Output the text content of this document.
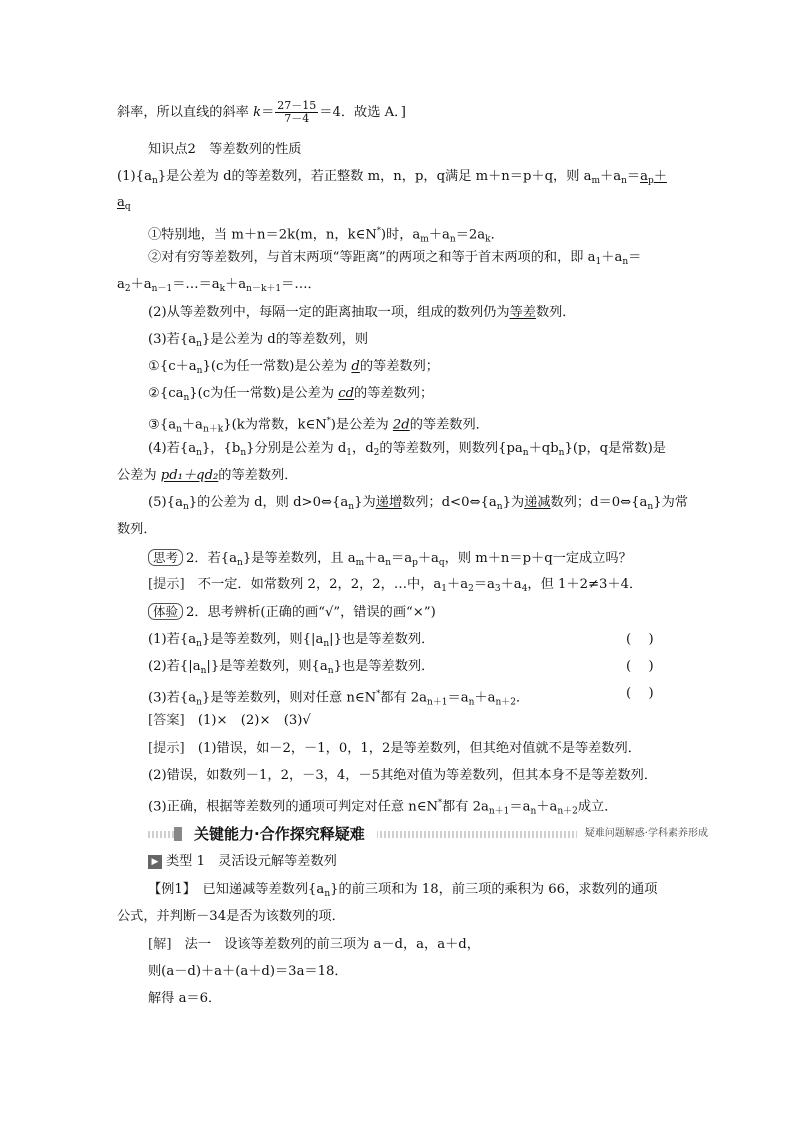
斜率，所以直线的斜率 $k= \frac{27-15}{7-4} =4$．故选 A．]
知识点2　等差数列的性质
$(1)\{a_n\}$是公差为 d的等差数列，若正整数 m，n，p，q满足 m＋n＝p＋q，则 $a_m+a_n=a_p+$
$a_q$
①特别地，当 m＋n＝2k(m，n，k∈N*)时，$a_m+a_n=2a_k$．
②对有穷等差数列，与首末两项“等距离”的两项之和等于首末两项的和，即 $a_1+a_n=$
$a_2+a_{n-1}=\dots=a_k+a_{n-k+1}=\dots$．
(2)从等差数列中，每隔一定的距离抽取一项，组成的数列仍为等差数列．
(3)若$\{a_n\}$是公差为 d的等差数列，则
$①\{c+a_n\}(c$为任一常数)是公差为 d的等差数列；
$②\{ca_n\}(c$为任一常数)是公差为 cd的等差数列；
$③\{a_n+a_{n+k}\}(k$为常数，k∈N*)是公差为 2d的等差数列．
(4)若$\{a_n\}$，$\{b_n\}$分别是公差为 $d_1$，$d_2$的等差数列，则数列$\{pa_n+qb_n\}(p$，q是常数)是
公差为 pd₁＋qd₂的等差数列．
$(5)\{a_n\}$的公差为 d，则 $d>0\Leftrightarrow\{a_n\}$为递增数列；$d<0\Leftrightarrow\{a_n\}$为递减数列；$d=0\Leftrightarrow\{a_n\}$为常
数列．
思考 2．若$\{a_n\}$是等差数列，且 $a_m+a_n=a_p+a_q$，则 m＋n＝p＋q一定成立吗？
[提示]　不一定．如常数列 2，2，2，2，…中，$a_1+a_2=a_3+a_4$，但 1＋2≠3＋4．
体验 2．思考辨析(正确的画“√”，错误的画“×”)
(1)若$\{a_n\}$是等差数列，则$\{|a_n|\}$也是等差数列．	(　 )
(2)若$\{|a_n|\}$是等差数列，则$\{a_n\}$也是等差数列．	(　 )
(3)若$\{a_n\}$是等差数列，则对任意 n∈N*都有 $2a_{n+1}=a_n+a_{n+2}$．	(　 )
[答案]　(1)×　(2)×　(3)√
[提示]　(1)错误，如－2，－1，0，1，2是等差数列，但其绝对值就不是等差数列．
(2)错误，如数列－1，2，－3，4，－5其绝对值为等差数列，但其本身不是等差数列．
(3)正确，根据等差数列的通项可判定对任意 n∈N*都有 $2a_{n+1}=a_n+a_{n+2}$成立．
关键能力·合作探究释疑难	疑难问题解惑·学科素养形成
▶ 类型 1　灵活设元解等差数列
【例1】　已知递减等差数列$\{a_n\}$的前三项和为 18，前三项的乘积为 66，求数列的通项
公式，并判断－34是否为该数列的项．
[解]　法一　设该等差数列的前三项为 a－d，a，a＋d，
则(a－d)＋a＋(a＋d)＝3a＝18．
解得 a＝6．
